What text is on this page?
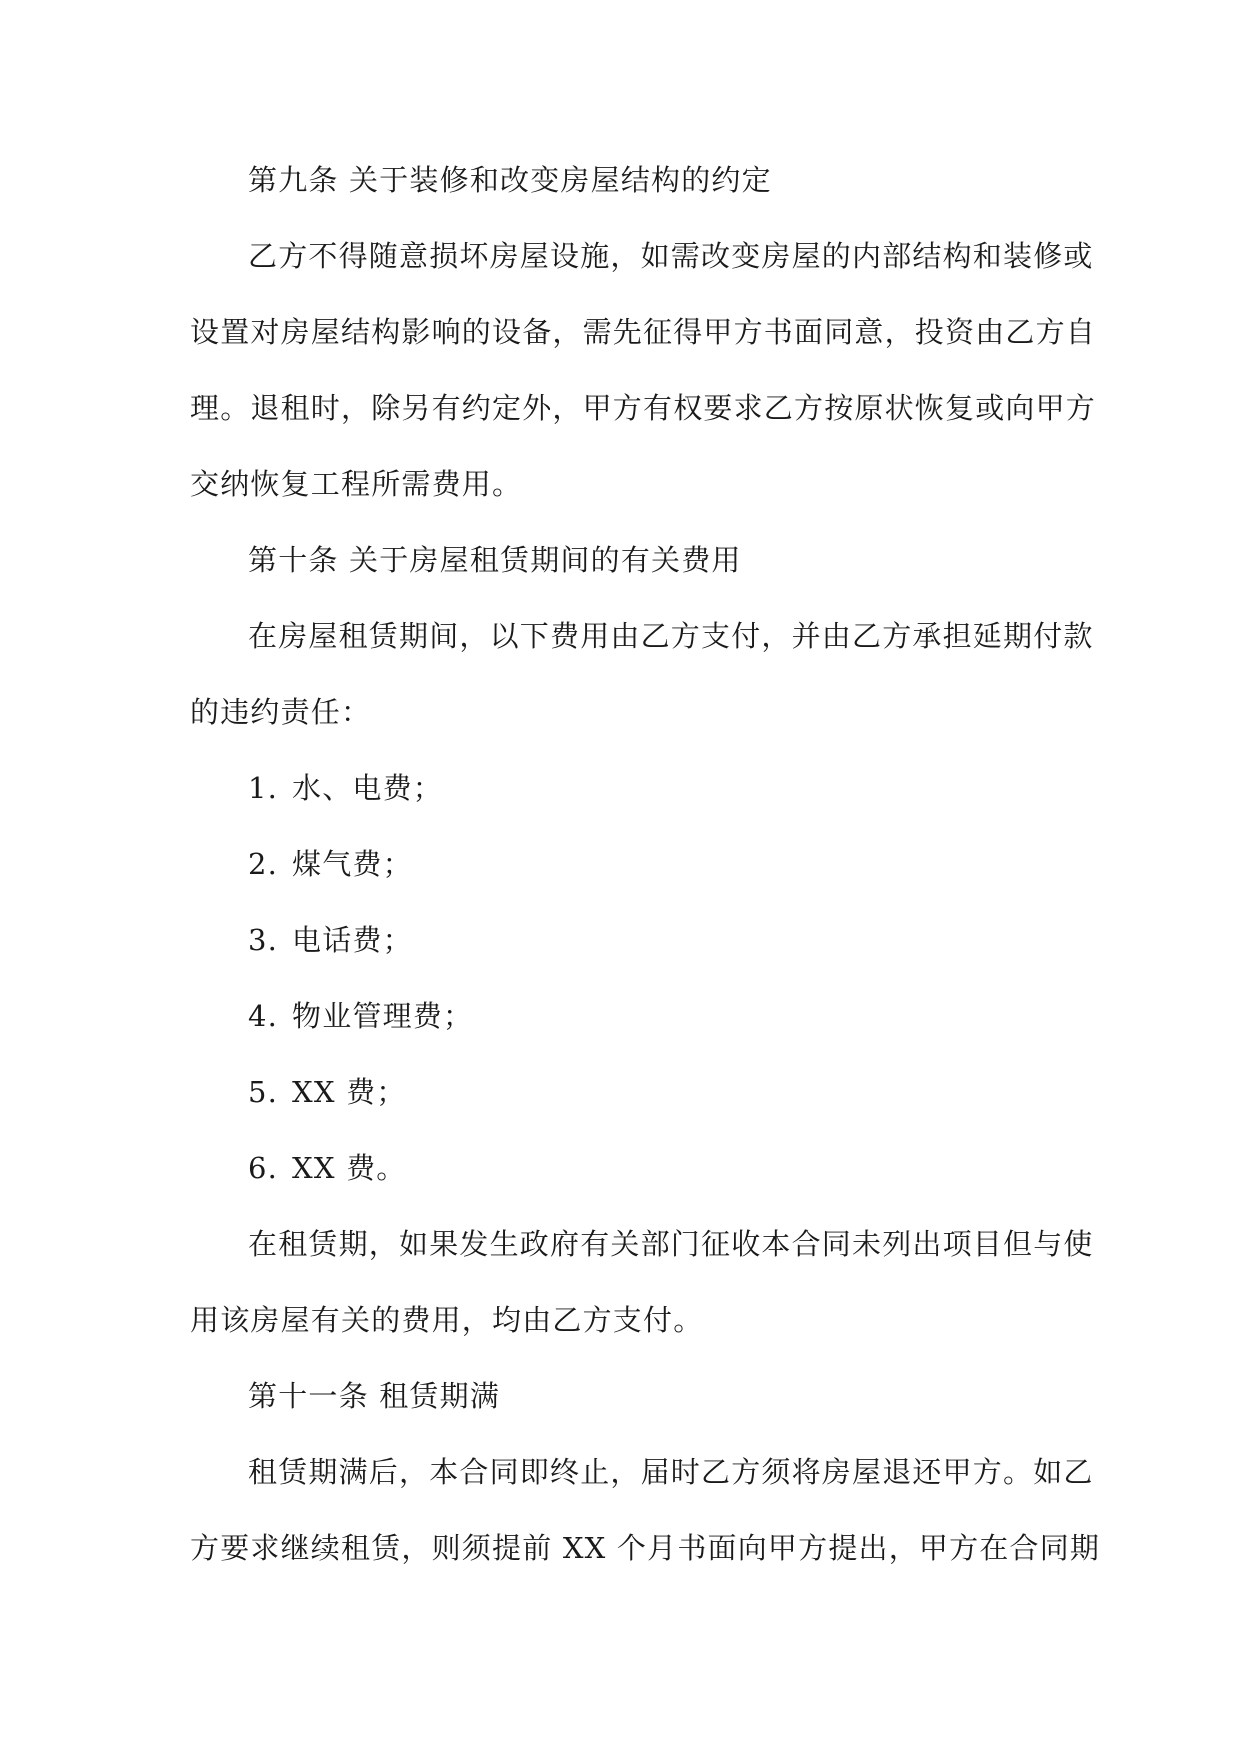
第九条 关于装修和改变房屋结构的约定
乙方不得随意损坏房屋设施，如需改变房屋的内部结构和装修或
设置对房屋结构影响的设备，需先征得甲方书面同意，投资由乙方自
理。退租时，除另有约定外，甲方有权要求乙方按原状恢复或向甲方
交纳恢复工程所需费用。
第十条 关于房屋租赁期间的有关费用
在房屋租赁期间，以下费用由乙方支付，并由乙方承担延期付款
的违约责任：
1. 水、电费；
2. 煤气费；
3. 电话费；
4. 物业管理费；
5. XX 费；
6. XX 费。
在租赁期，如果发生政府有关部门征收本合同未列出项目但与使
用该房屋有关的费用，均由乙方支付。
第十一条 租赁期满
租赁期满后，本合同即终止，届时乙方须将房屋退还甲方。如乙
方要求继续租赁，则须提前 XX 个月书面向甲方提出，甲方在合同期
